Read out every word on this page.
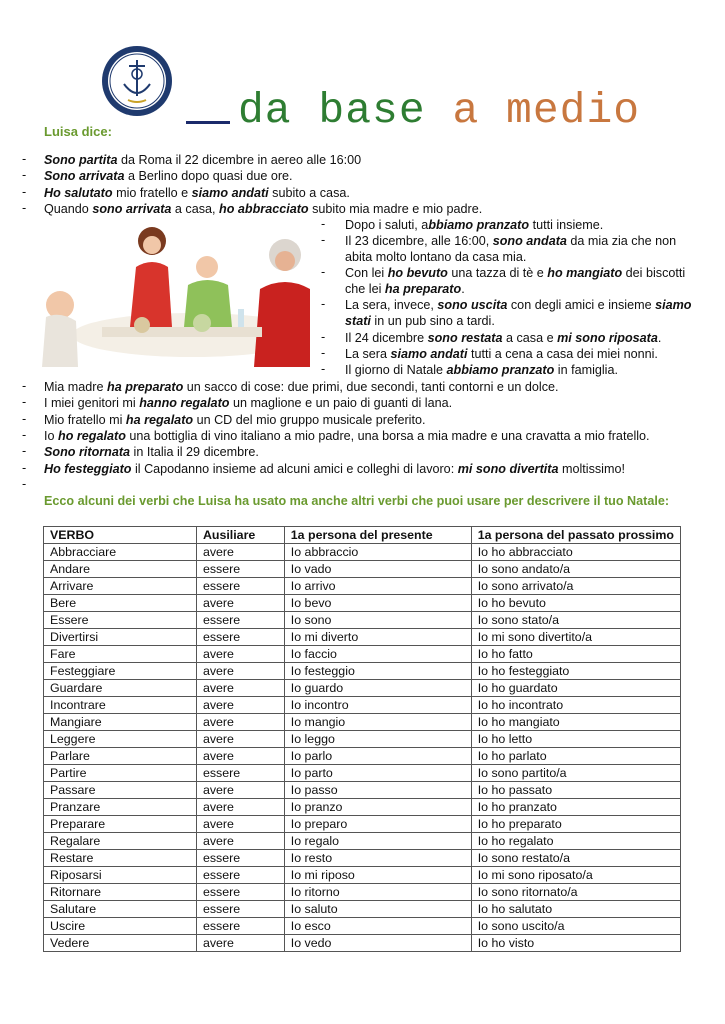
da base a medio
Luisa dice:
- Sono partita da Roma il 22 dicembre in aereo alle 16:00
- Sono arrivata a Berlino dopo quasi due ore.
- Ho salutato mio fratello e siamo andati subito a casa.
- Quando sono arrivata a casa, ho abbracciato subito mia madre e mio padre.
- Dopo i saluti, abbiamo pranzato tutti insieme.
- Il 23 dicembre, alle 16:00, sono andata da mia zia che non
abita molto lontano da casa mia.
- Con lei ho bevuto una tazza di tè e ho mangiato dei biscotti
che lei ha preparato.
- La sera, invece, sono uscita con degli amici e insieme siamo
stati in un pub sino a tardi.
- Il 24 dicembre sono restata a casa e mi sono riposata.
- La sera siamo andati tutti a cena a casa dei miei nonni.
- Il giorno di Natale abbiamo pranzato in famiglia.
- Mia madre ha preparato un sacco di cose: due primi, due secondi, tanti contorni e un dolce.
- I miei genitori mi hanno regalato un maglione e un paio di guanti di lana.
- Mio fratello mi ha regalato un CD del mio gruppo musicale preferito.
- Io ho regalato una bottiglia di vino italiano a mio padre, una borsa a mia madre e una cravatta a mio fratello.
- Sono ritornata in Italia il 29 dicembre.
- Ho festeggiato il Capodanno insieme ad alcuni amici e colleghi di lavoro: mi sono divertita moltissimo!
-
Ecco alcuni dei verbi che Luisa ha usato ma anche altri verbi che puoi usare per descrivere il tuo Natale:
VERBO	Ausiliare	1a persona del presente	1a persona del passato prossimo
Abbracciare	avere	Io abbraccio	Io ho abbracciato
Andare	essere	Io vado	Io sono andato/a
Arrivare	essere	Io arrivo	Io sono arrivato/a
Bere	avere	Io bevo	Io ho bevuto
Essere	essere	Io sono	Io sono stato/a
Divertirsi	essere	Io mi diverto	Io mi sono divertito/a
Fare	avere	Io faccio	Io ho fatto
Festeggiare	avere	Io festeggio	Io ho festeggiato
Guardare	avere	Io guardo	Io ho guardato
Incontrare	avere	Io incontro	Io ho incontrato
Mangiare	avere	Io mangio	Io ho mangiato
Leggere	avere	Io leggo	Io ho letto
Parlare	avere	Io parlo	Io ho parlato
Partire	essere	Io parto	Io sono partito/a
Passare	avere	Io passo	Io ho passato
Pranzare	avere	Io pranzo	Io ho pranzato
Preparare	avere	Io preparo	Io ho preparato
Regalare	avere	Io regalo	Io ho regalato
Restare	essere	Io resto	Io sono restato/a
Riposarsi	essere	Io mi riposo	Io mi sono riposato/a
Ritornare	essere	Io ritorno	Io sono ritornato/a
Salutare	essere	Io saluto	Io ho salutato
Uscire	essere	Io esco	Io sono uscito/a
Vedere	avere	Io vedo	Io ho visto
